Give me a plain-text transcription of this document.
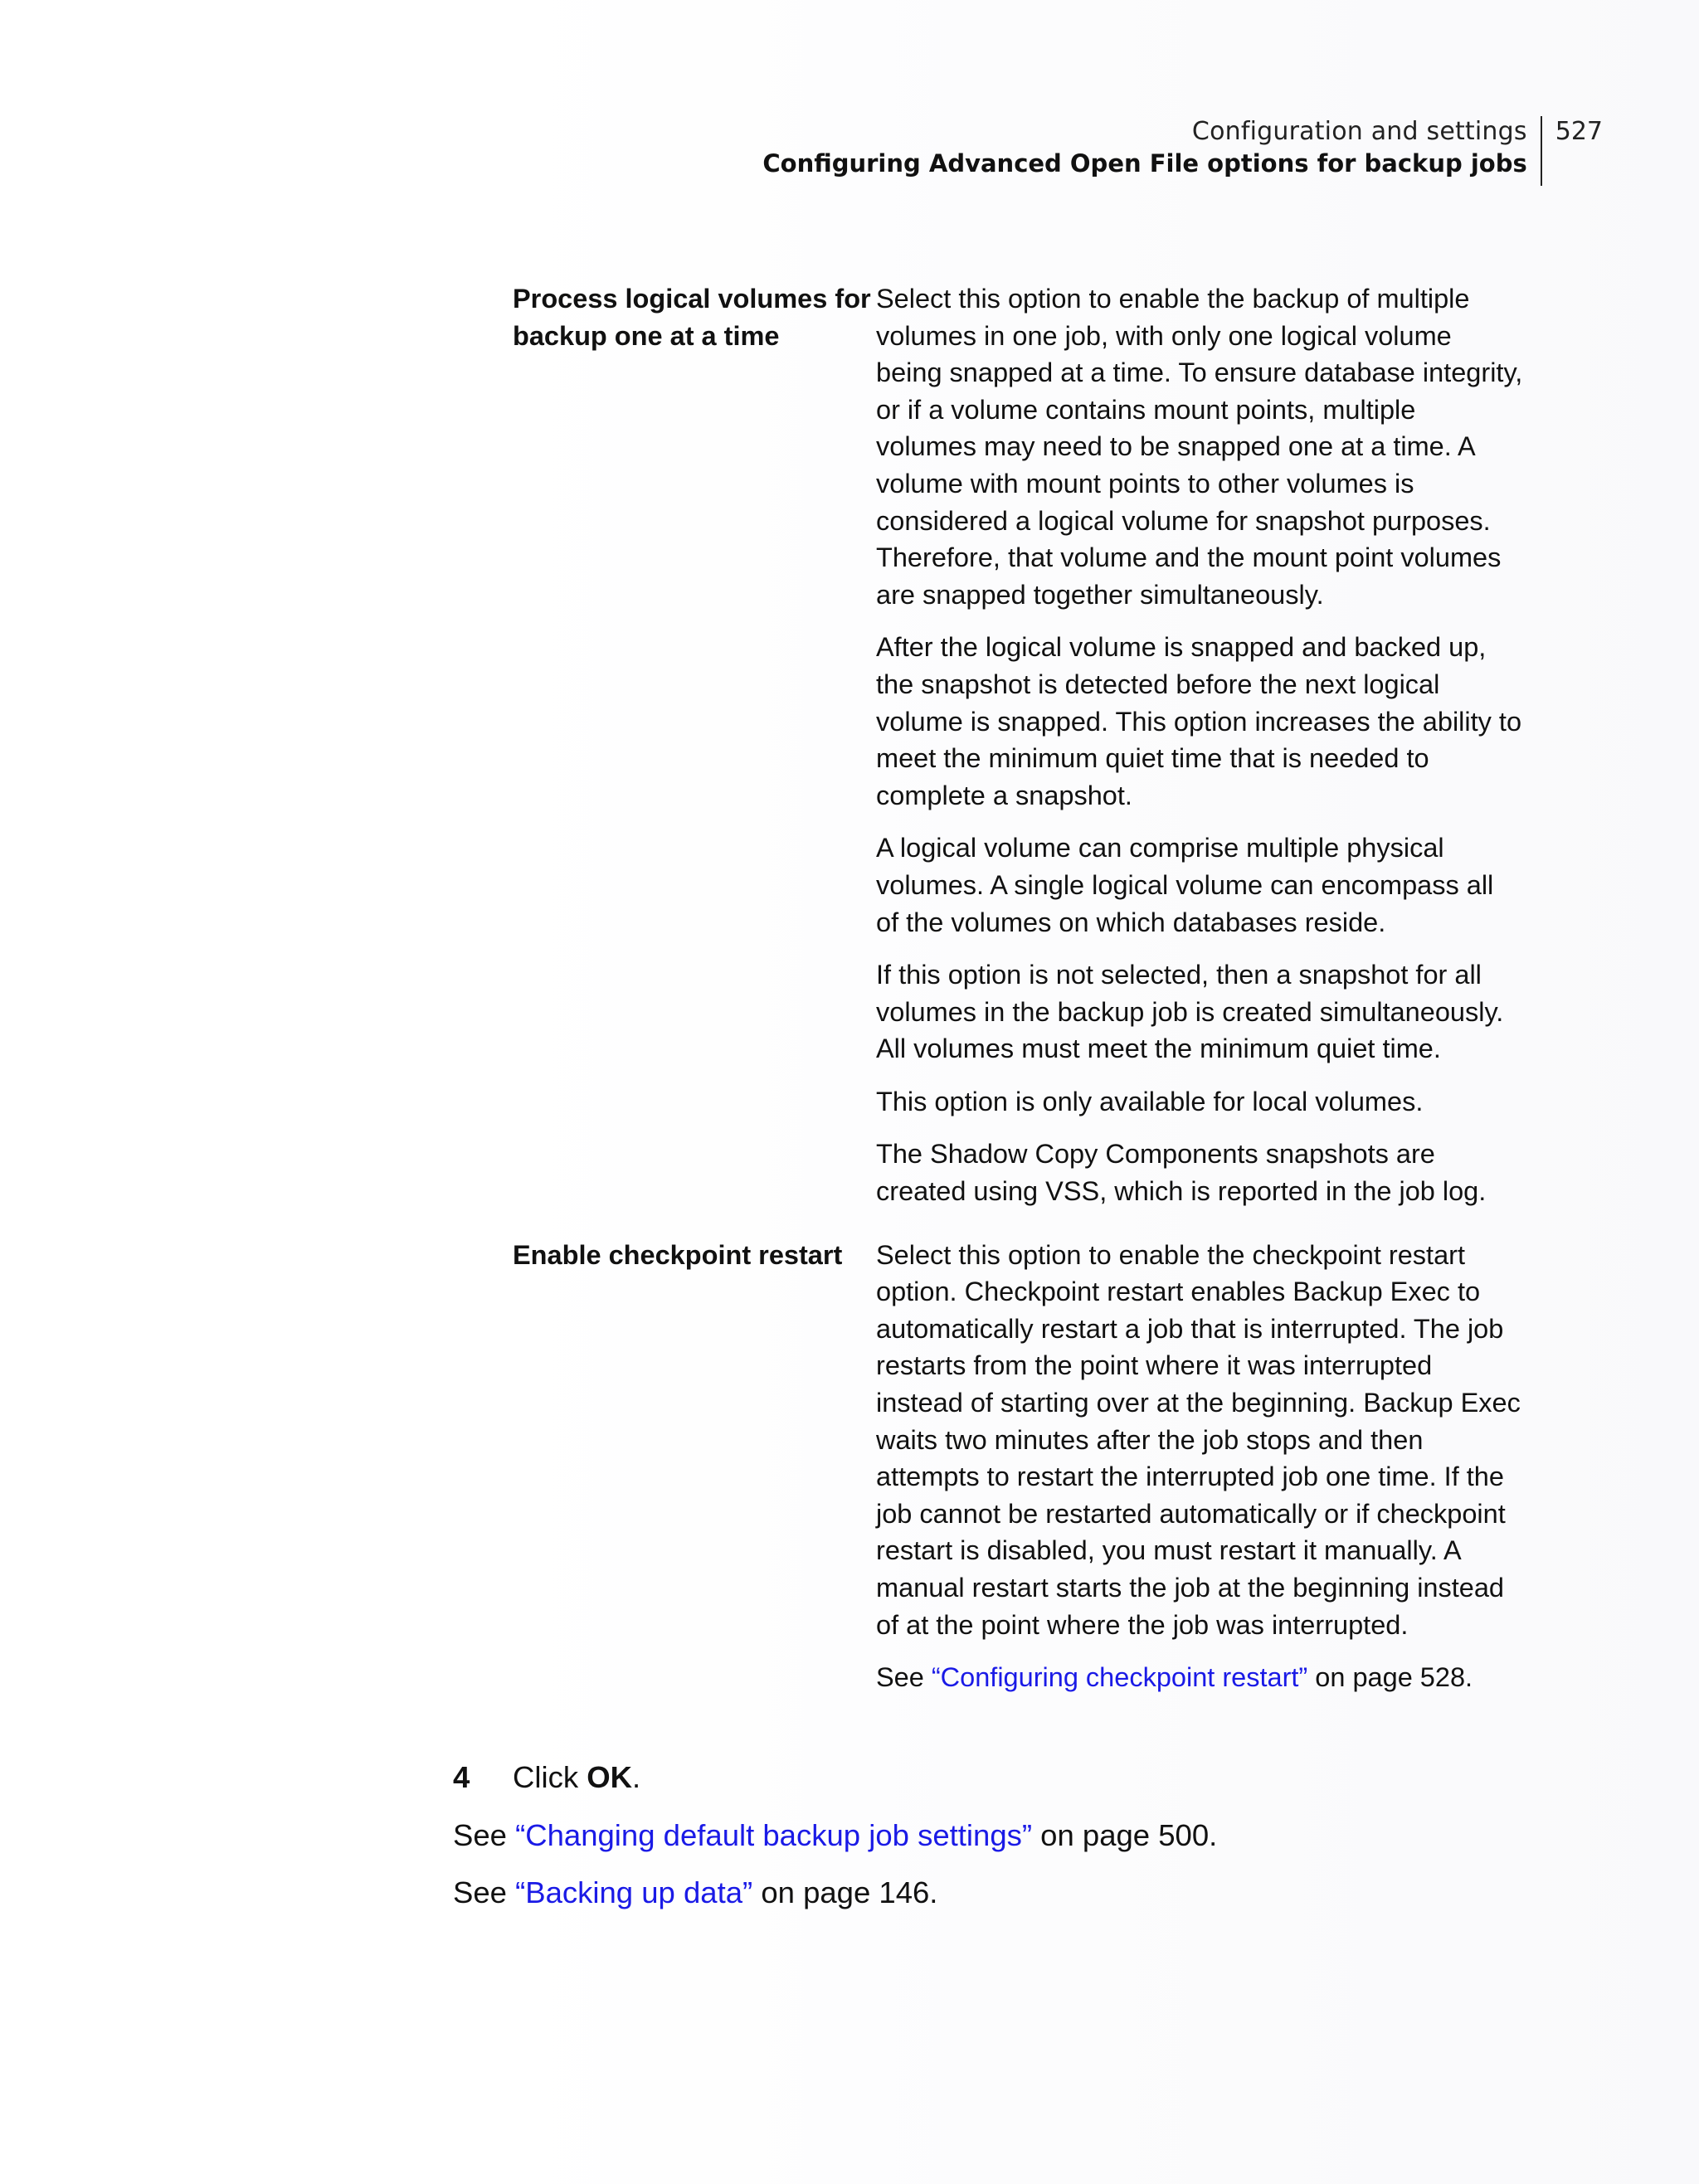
Configuration and settings
Configuring Advanced Open File options for backup jobs
527
Process logical volumes for backup one at a time

Select this option to enable the backup of multiple volumes in one job, with only one logical volume being snapped at a time. To ensure database integrity, or if a volume contains mount points, multiple volumes may need to be snapped one at a time. A volume with mount points to other volumes is considered a logical volume for snapshot purposes. Therefore, that volume and the mount point volumes are snapped together simultaneously.

After the logical volume is snapped and backed up, the snapshot is detected before the next logical volume is snapped. This option increases the ability to meet the minimum quiet time that is needed to complete a snapshot.

A logical volume can comprise multiple physical volumes. A single logical volume can encompass all of the volumes on which databases reside.

If this option is not selected, then a snapshot for all volumes in the backup job is created simultaneously. All volumes must meet the minimum quiet time.

This option is only available for local volumes.

The Shadow Copy Components snapshots are created using VSS, which is reported in the job log.

Enable checkpoint restart	Select this option to enable the checkpoint restart option. Checkpoint restart enables Backup Exec to automatically restart a job that is interrupted. The job restarts from the point where it was interrupted instead of starting over at the beginning. Backup Exec waits two minutes after the job stops and then attempts to restart the interrupted job one time. If the job cannot be restarted automatically or if checkpoint restart is disabled, you must restart it manually. A manual restart starts the job at the beginning instead of at the point where the job was interrupted.

See “Configuring checkpoint restart” on page 528.

4	Click OK.

See “Changing default backup job settings” on page 500.

See “Backing up data” on page 146.
